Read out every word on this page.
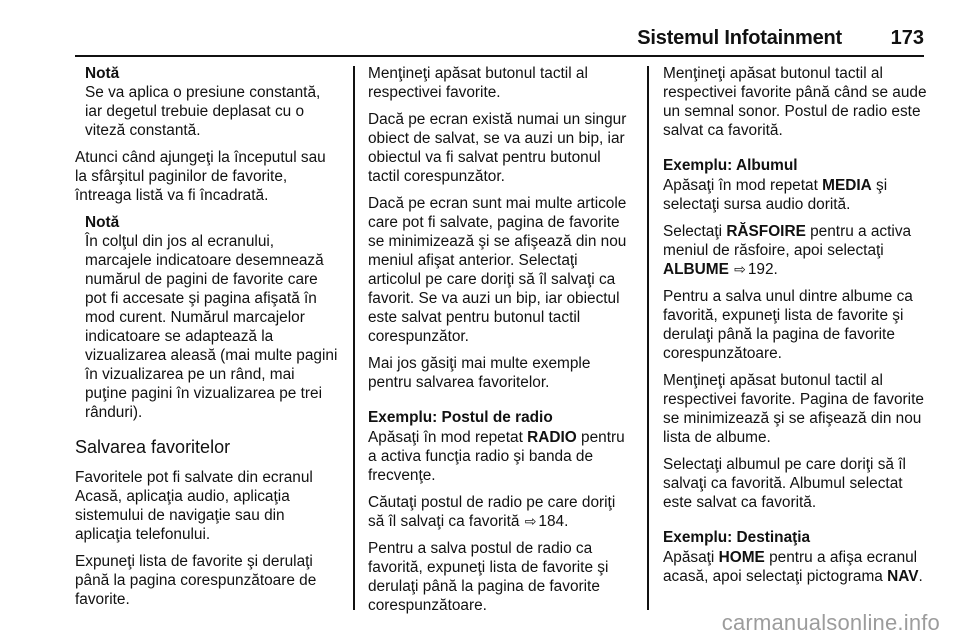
Sistemul Infotainment 173
Notă
Se va aplica o presiune constantă, iar degetul trebuie deplasat cu o viteză constantă.

Atunci când ajungeţi la începutul sau la sfârşitul paginilor de favorite, întreaga listă va fi încadrată.

Notă
În colţul din jos al ecranului, marcajele indicatoare desemnează numărul de pagini de favorite care pot fi accesate şi pagina afişată în mod curent. Numărul marcajelor indicatoare se adaptează la vizualizarea aleasă (mai multe pagini în vizualizarea pe un rând, mai puţine pagini în vizualizarea pe trei rânduri).
Salvarea favoritelor

Favoritele pot fi salvate din ecranul Acasă, aplicaţia audio, aplicaţia sistemului de navigaţie sau din aplicaţia telefonului.

Expuneţi lista de favorite şi derulaţi până la pagina corespunzătoare de favorite.

Menţineţi apăsat butonul tactil al respectivei favorite.

Dacă pe ecran există numai un singur obiect de salvat, se va auzi un bip, iar obiectul va fi salvat pentru butonul tactil corespunzător.

Dacă pe ecran sunt mai multe articole care pot fi salvate, pagina de favorite se minimizează şi se afişează din nou meniul afişat anterior. Selectaţi articolul pe care doriţi să îl salvaţi ca favorit. Se va auzi un bip, iar obiectul este salvat pentru butonul tactil corespunzător.

Mai jos găsiţi mai multe exemple pentru salvarea favoritelor.

Exemplu: Postul de radio

Apăsaţi în mod repetat RADIO pentru a activa funcţia radio şi banda de frecvenţe.

Căutaţi postul de radio pe care doriţi să îl salvaţi ca favorită ⇨ 184.

Pentru a salva postul de radio ca favorită, expuneţi lista de favorite şi derulaţi până la pagina de favorite corespunzătoare.

Menţineţi apăsat butonul tactil al respectivei favorite până când se aude un semnal sonor. Postul de radio este salvat ca favorită.

Exemplu: Albumul

Apăsaţi în mod repetat MEDIA şi selectaţi sursa audio dorită.

Selectaţi RĂSFOIRE pentru a activa meniul de răsfoire, apoi selectaţi ALBUME ⇨ 192.

Pentru a salva unul dintre albume ca favorită, expuneţi lista de favorite şi derulaţi până la pagina de favorite corespunzătoare.

Menţineţi apăsat butonul tactil al respectivei favorite. Pagina de favorite se minimizează şi se afişează din nou lista de albume.

Selectaţi albumul pe care doriţi să îl salvaţi ca favorită. Albumul selectat este salvat ca favorită.

Exemplu: Destinaţia

Apăsaţi HOME pentru a afişa ecranul acasă, apoi selectaţi pictograma NAV.

carmanualsonline.info
